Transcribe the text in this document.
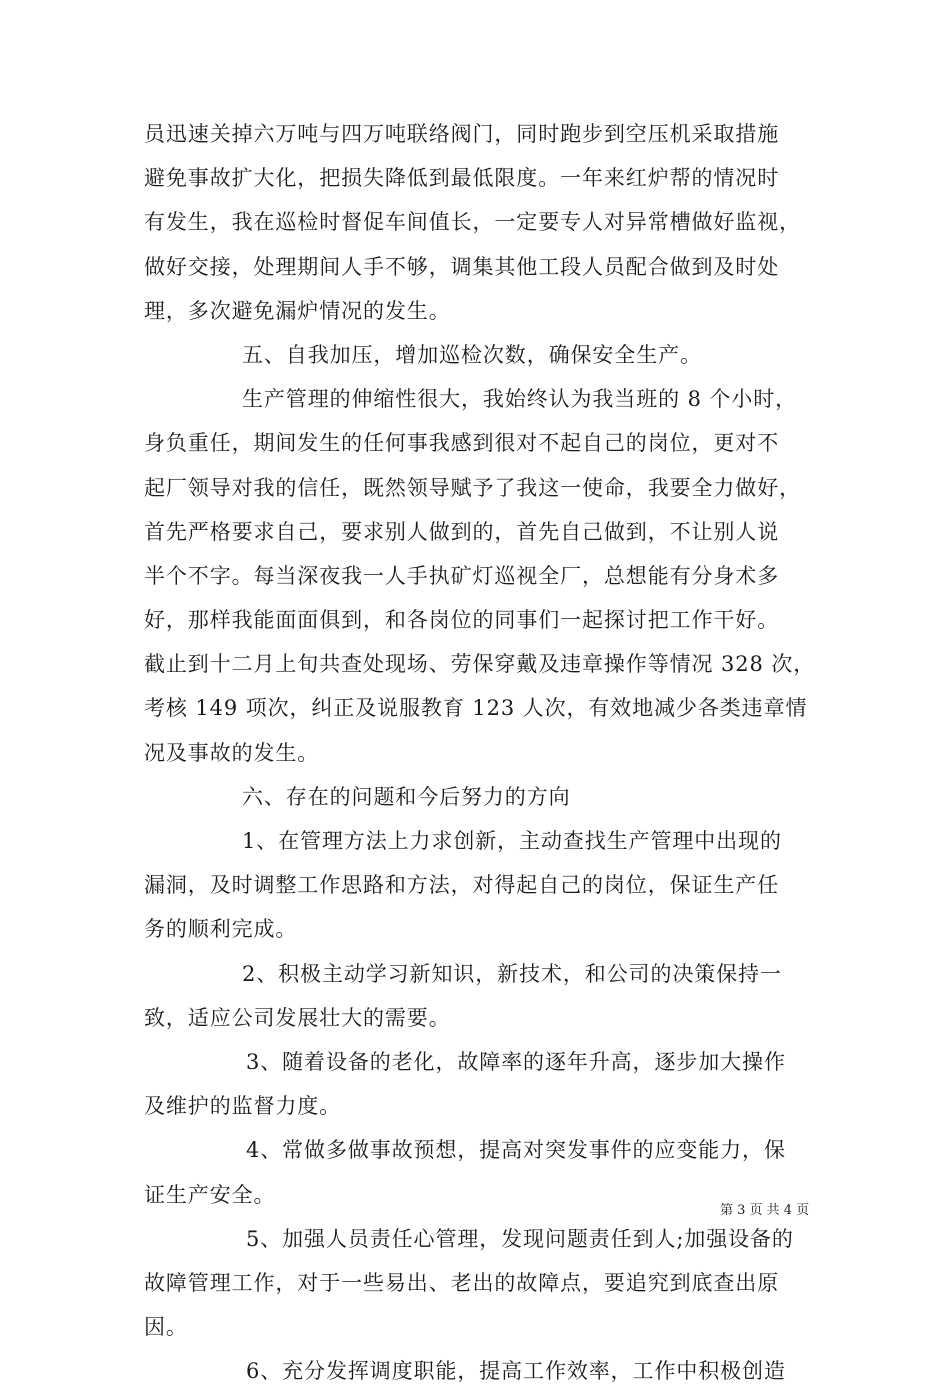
员迅速关掉六万吨与四万吨联络阀门，同时跑步到空压机采取措施
避免事故扩大化，把损失降低到最低限度。一年来红炉帮的情况时
有发生，我在巡检时督促车间值长，一定要专人对异常槽做好监视，
做好交接，处理期间人手不够，调集其他工段人员配合做到及时处
理，多次避免漏炉情况的发生。
五、自我加压，增加巡检次数，确保安全生产。
生产管理的伸缩性很大，我始终认为我当班的 8 个小时，
身负重任，期间发生的任何事我感到很对不起自己的岗位，更对不
起厂领导对我的信任，既然领导赋予了我这一使命，我要全力做好，
首先严格要求自己，要求别人做到的，首先自己做到，不让别人说
半个不字。每当深夜我一人手执矿灯巡视全厂，总想能有分身术多
好，那样我能面面俱到，和各岗位的同事们一起探讨把工作干好。
截止到十二月上旬共查处现场、劳保穿戴及违章操作等情况 328 次，
考核 149 项次，纠正及说服教育 123 人次，有效地减少各类违章情
况及事故的发生。
六、存在的问题和今后努力的方向
1、在管理方法上力求创新，主动查找生产管理中出现的
漏洞，及时调整工作思路和方法，对得起自己的岗位，保证生产任
务的顺利完成。
2、积极主动学习新知识，新技术，和公司的决策保持一
致，适应公司发展壮大的需要。
3、随着设备的老化，故障率的逐年升高，逐步加大操作
及维护的监督力度。
4、常做多做事故预想，提高对突发事件的应变能力，保
证生产安全。
5、加强人员责任心管理，发现问题责任到人;加强设备的
故障管理工作，对于一些易出、老出的故障点，要追究到底查出原
因。
6、充分发挥调度职能，提高工作效率，工作中积极创造
第 3 页 共 4 页
